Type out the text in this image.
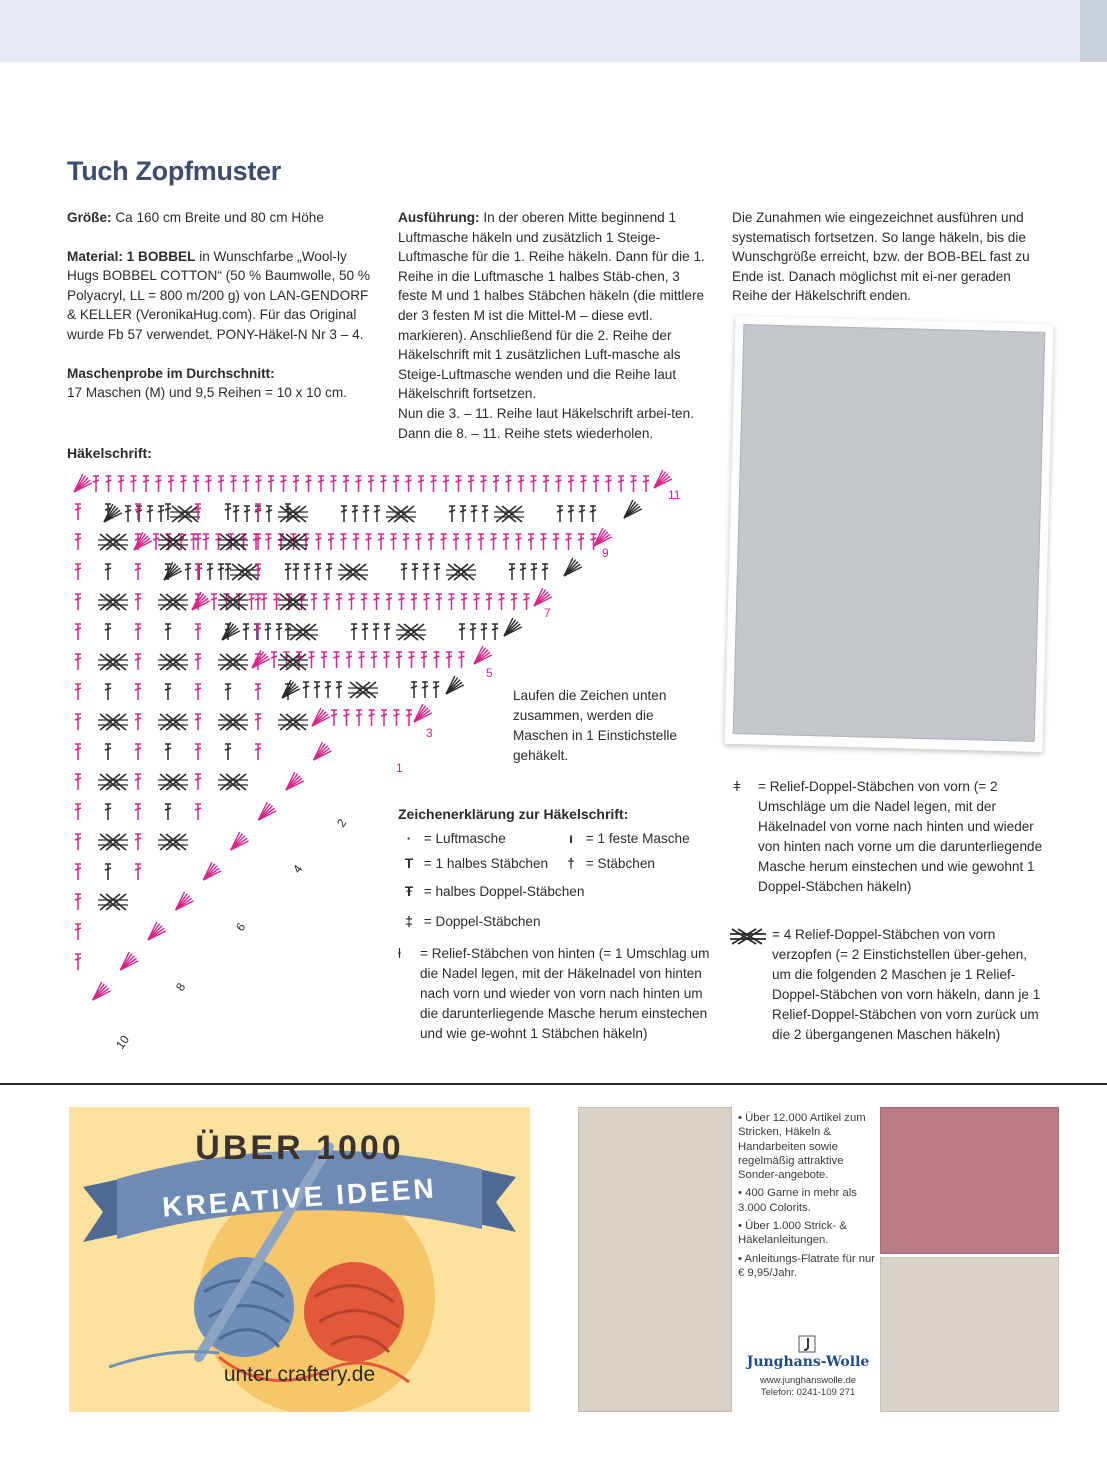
Tuch Zopfmuster

Größe: Ca 160 cm Breite und 80 cm Höhe

Material: 1 BOBBEL in Wunschfarbe „Wool-ly Hugs BOBBEL COTTON“ (50 % Baumwolle, 50 % Polyacryl, LL = 800 m/200 g) von LAN-GENDORF & KELLER (VeronikaHug.com). Für das Original wurde Fb 57 verwendet. PONY-Häkel-N Nr 3 – 4.

Maschenprobe im Durchschnitt:
17 Maschen (M) und 9,5 Reihen = 10 x 10 cm.

Ausführung: In der oberen Mitte beginnend 1 Luftmasche häkeln und zusätzlich 1 Steige-Luftmasche für die 1. Reihe häkeln. Dann für die 1. Reihe in die Luftmasche 1 halbes Stäb-chen, 3 feste M und 1 halbes Stäbchen häkeln (die mittlere der 3 festen M ist die Mittel-M – diese evtl. markieren). Anschließend für die 2. Reihe der Häkelschrift mit 1 zusätzlichen Luft-masche als Steige-Luftmasche wenden und die Reihe laut Häkelschrift fortsetzen.

Nun die 3. – 11. Reihe laut Häkelschrift arbei-ten. Dann die 8. – 11. Reihe stets wiederholen.

Die Zunahmen wie eingezeichnet ausführen und systematisch fortsetzen. So lange häkeln, bis die Wunschgröße erreicht, bzw. der BOB-BEL fast zu Ende ist. Danach möglichst mit ei-ner geraden Reihe der Häkelschrift enden.

Häkelschrift:
11
9
7
5
3
1
2
4
6
8
10
Laufen die Zeichen unten zusammen, werden die Maschen in 1 Einstichstelle gehäkelt.
Zeichenerklärung zur Häkelschrift:
· = Luftmasche	ı = 1 feste Masche
T = 1 halbes Stäbchen	† = Stäbchen
Ŧ = halbes Doppel-Stäbchen
‡ = Doppel-Stäbchen
ƚ	= Relief-Stäbchen von hinten (= 1 Umschlag um die Nadel legen, mit der Häkelnadel von hinten nach vorn und wieder von vorn nach hinten um die darunterliegende Masche herum einstechen und wie ge-wohnt 1 Stäbchen häkeln)
ǂ	= Relief-Doppel-Stäbchen von vorn (= 2 Umschläge um die Nadel legen, mit der Häkelnadel von vorne nach hinten und wieder von hinten nach vorne um die darunterliegende Masche herum einstechen und wie gewohnt 1 Doppel-Stäbchen häkeln)
= 4 Relief-Doppel-Stäbchen von vorn verzopfen (= 2 Einstichstellen über-gehen, um die folgenden 2 Maschen je 1 Relief-Doppel-Stäbchen von vorn häkeln, dann je 1 Relief-Doppel-Stäbchen von vorn zurück um die 2 übergangenen Maschen häkeln)
ÜBER 1000
KREATIVE IDEEN
unter craftery.de
• Über 12.000 Artikel zum Stricken, Häkeln & Handarbeiten sowie regelmäßig attraktive Sonder-angebote.
• 400 Garne in mehr als 3.000 Colorits.
• Über 1.000 Strick- & Häkelanleitungen.
• Anleitungs-Flatrate für nur € 9,95/Jahr.
Junghans-Wolle
www.junghanswolle.de
Telefon: 0241-109 271
